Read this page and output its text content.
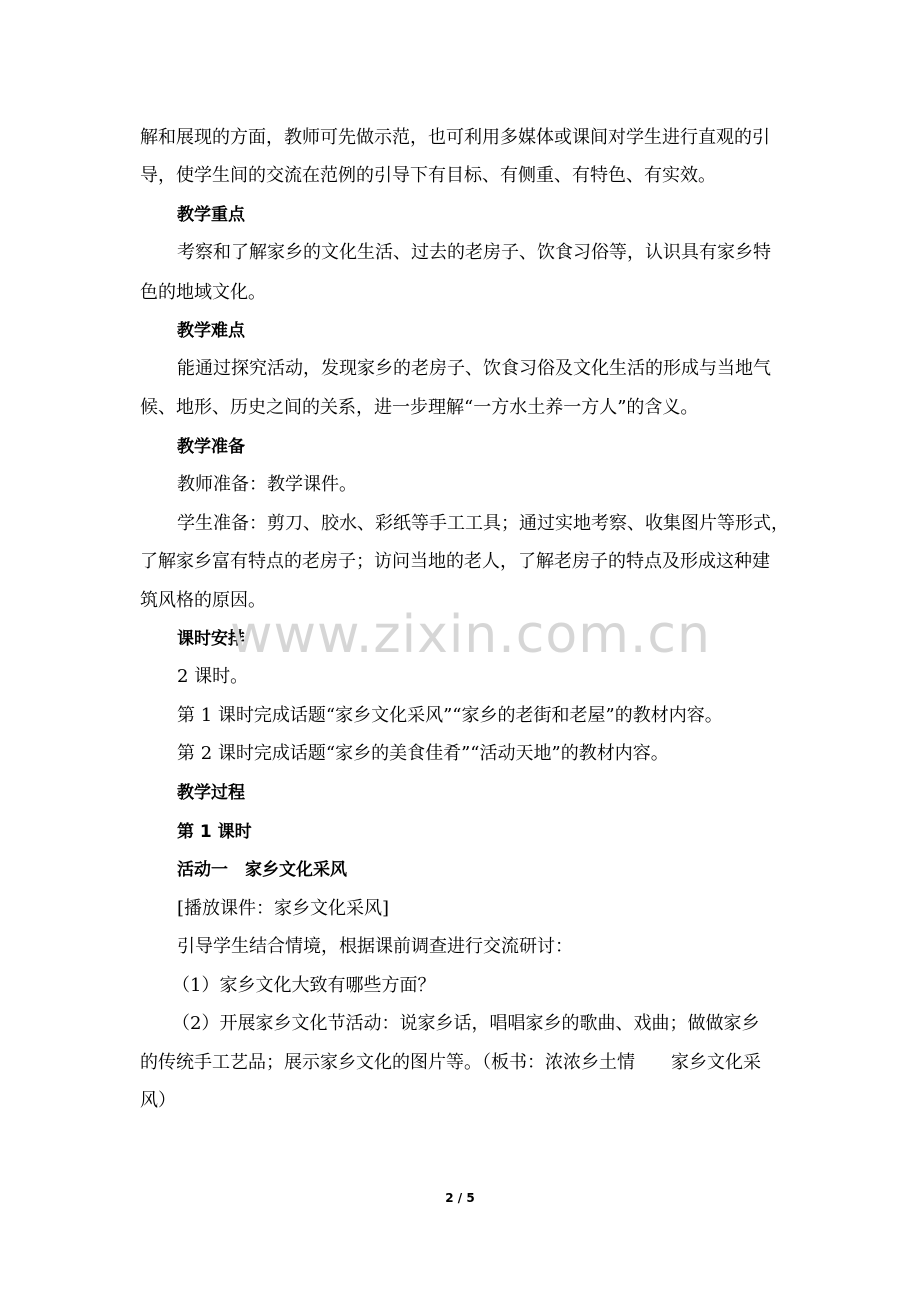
解和展现的方面，教师可先做示范，也可利用多媒体或课间对学生进行直观的引
导，使学生间的交流在范例的引导下有目标、有侧重、有特色、有实效。
教学重点
考察和了解家乡的文化生活、过去的老房子、饮食习俗等，认识具有家乡特
色的地域文化。
教学难点
能通过探究活动，发现家乡的老房子、饮食习俗及文化生活的形成与当地气
候、地形、历史之间的关系，进一步理解“一方水土养一方人”的含义。
教学准备
教师准备：教学课件。
学生准备：剪刀、胶水、彩纸等手工工具；通过实地考察、收集图片等形式，
了解家乡富有特点的老房子；访问当地的老人，了解老房子的特点及形成这种建
筑风格的原因。
课时安排
2 课时。
第 1 课时完成话题“家乡文化采风”“家乡的老街和老屋”的教材内容。
第 2 课时完成话题“家乡的美食佳肴”“活动天地”的教材内容。
教学过程
第 1 课时
活动一　家乡文化采风
[播放课件：家乡文化采风]
引导学生结合情境，根据课前调查进行交流研讨：
（1）家乡文化大致有哪些方面？
（2）开展家乡文化节活动：说家乡话，唱唱家乡的歌曲、戏曲；做做家乡
的传统手工艺品；展示家乡文化的图片等。（板书：浓浓乡土情　　家乡文化采
风）
www.zixin.com.cn
2 / 5
